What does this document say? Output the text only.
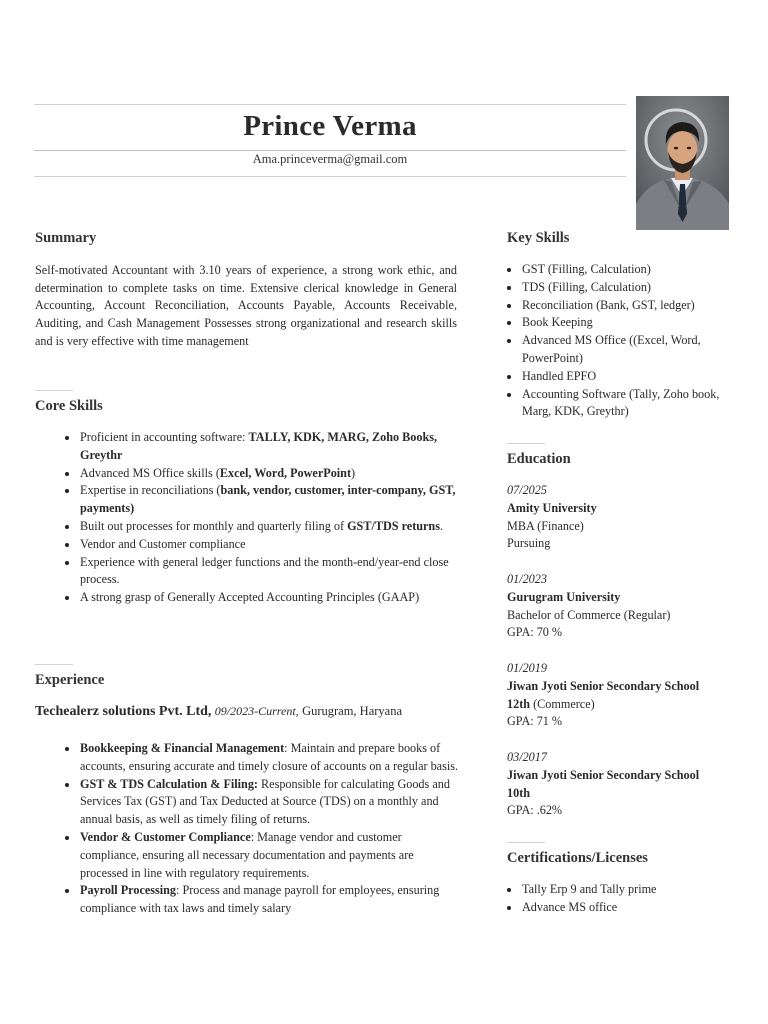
Prince Verma
Ama.princeverma@gmail.com
Summary

Self-motivated Accountant with 3.10 years of experience, a strong work ethic, and determination to complete tasks on time. Extensive clerical knowledge in General Accounting, Account Reconciliation, Accounts Payable, Accounts Receivable, Auditing, and Cash Management Possesses strong organizational and research skills and is very effective with time management

Core Skills
Proficient in accounting software: TALLY, KDK, MARG, Zoho Books, Greythr
Advanced MS Office skills (Excel, Word, PowerPoint)
Expertise in reconciliations (bank, vendor, customer, inter-company, GST, payments)
Built out processes for monthly and quarterly filing of GST/TDS returns.
Vendor and Customer compliance
Experience with general ledger functions and the month-end/year-end close process.
A strong grasp of Generally Accepted Accounting Principles (GAAP)
Experience
Techealerz solutions Pvt. Ltd, 09/2023-Current, Gurugram, Haryana
Bookkeeping & Financial Management: Maintain and prepare books of accounts, ensuring accurate and timely closure of accounts on a regular basis.
GST & TDS Calculation & Filing: Responsible for calculating Goods and Services Tax (GST) and Tax Deducted at Source (TDS) on a monthly and annual basis, as well as timely filing of returns.
Vendor & Customer Compliance: Manage vendor and customer compliance, ensuring all necessary documentation and payments are processed in line with regulatory requirements.
Payroll Processing: Process and manage payroll for employees, ensuring compliance with tax laws and timely salary
Key Skills
GST (Filling, Calculation)
TDS (Filling, Calculation)
Reconciliation (Bank, GST, ledger)
Book Keeping
Advanced MS Office ((Excel, Word, PowerPoint)
Handled EPFO
Accounting Software (Tally, Zoho book, Marg, KDK, Greythr)
Education
07/2025
Amity University
MBA (Finance)
Pursuing
01/2023
Gurugram University
Bachelor of Commerce (Regular)
GPA: 70 %
01/2019
Jiwan Jyoti Senior Secondary School
12th (Commerce)
GPA: 71 %
03/2017
Jiwan Jyoti Senior Secondary School
10th
GPA: .62%
Certifications/Licenses
Tally Erp 9 and Tally prime
Advance MS office
